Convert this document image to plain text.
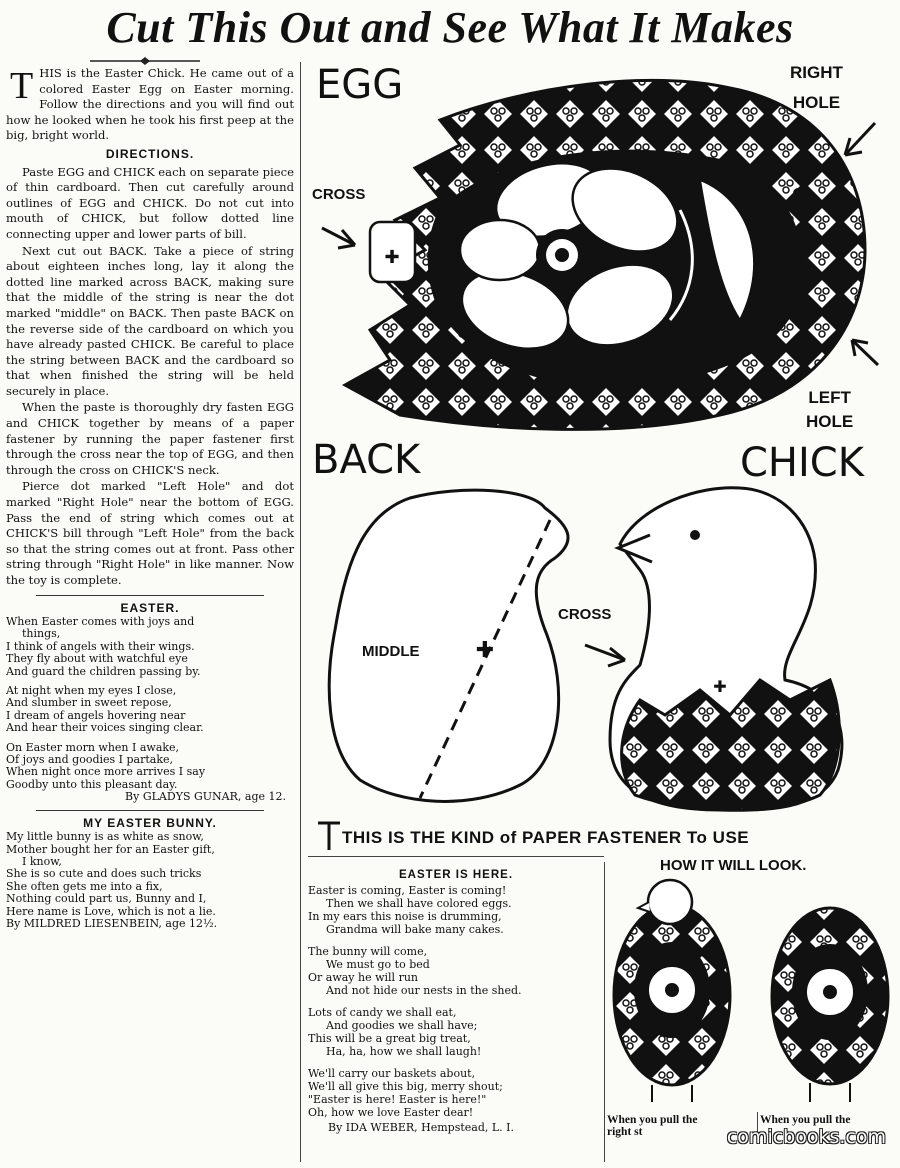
Cut This Out and See What It Makes

THIS is the Easter Chick. He came out of a colored Easter Egg on Easter morning. Follow the directions and you will find out how he looked when he took his first peep at the big, bright world.

DIRECTIONS.

Paste EGG and CHICK each on separate piece of thin cardboard. Then cut carefully around outlines of EGG and CHICK. Do not cut into mouth of CHICK, but follow dotted line connecting upper and lower parts of bill.

Next cut out BACK. Take a piece of string about eighteen inches long, lay it along the dotted line marked across BACK, making sure that the middle of the string is near the dot marked "middle" on BACK. Then paste BACK on the reverse side of the cardboard on which you have already pasted CHICK. Be careful to place the string between BACK and the cardboard so that when finished the string will be held securely in place.

When the paste is thoroughly dry fasten EGG and CHICK together by means of a paper fastener by running the paper fastener first through the cross near the top of EGG, and then through the cross on CHICK'S neck.

Pierce dot marked "Left Hole" and dot marked "Right Hole" near the bottom of EGG. Pass the end of string which comes out at CHICK'S bill through "Left Hole" from the back so that the string comes out at front. Pass other string through "Right Hole" in like manner. Now the toy is complete.

EASTER.
When Easter comes with joys and
things,
I think of angels with their wings.
They fly about with watchful eye
And guard the children passing by.
At night when my eyes I close,
And slumber in sweet repose,
I dream of angels hovering near
And hear their voices singing clear.
On Easter morn when I awake,
Of joys and goodies I partake,
When night once more arrives I say
Goodby unto this pleasant day.
By GLADYS GUNAR, age 12.
MY EASTER BUNNY.
My little bunny is as white as snow,
Mother bought her for an Easter gift,
I know,
She is so cute and does such tricks
She often gets me into a fix,
Nothing could part us, Bunny and I,
Here name is Love, which is not a lie.
By MILDRED LIESENBEIN, age 12½.
✚
EGG
CROSS
RIGHT
HOLE
LEFT
HOLE
BACK	CHICK
✚
MIDDLE
CROSS
✚
THIS IS THE KIND of PAPER FASTENER To USE
HOW IT WILL LOOK.
EASTER IS HERE.
Easter is coming, Easter is coming!
Then we shall have colored eggs.
In my ears this noise is drumming,
Grandma will bake many cakes.
The bunny will come,
We must go to bed
Or away he will run
And not hide our nests in the shed.
Lots of candy we shall eat,
And goodies we shall have;
This will be a great big treat,
Ha, ha, how we shall laugh!
We'll carry our baskets about,
We'll all give this big, merry shout;
"Easter is here! Easter is here!"
Oh, how we love Easter dear!
By IDA WEBER, Hempstead, L. I.
When you pull the
right st
When you pull the
comicbooks.com
